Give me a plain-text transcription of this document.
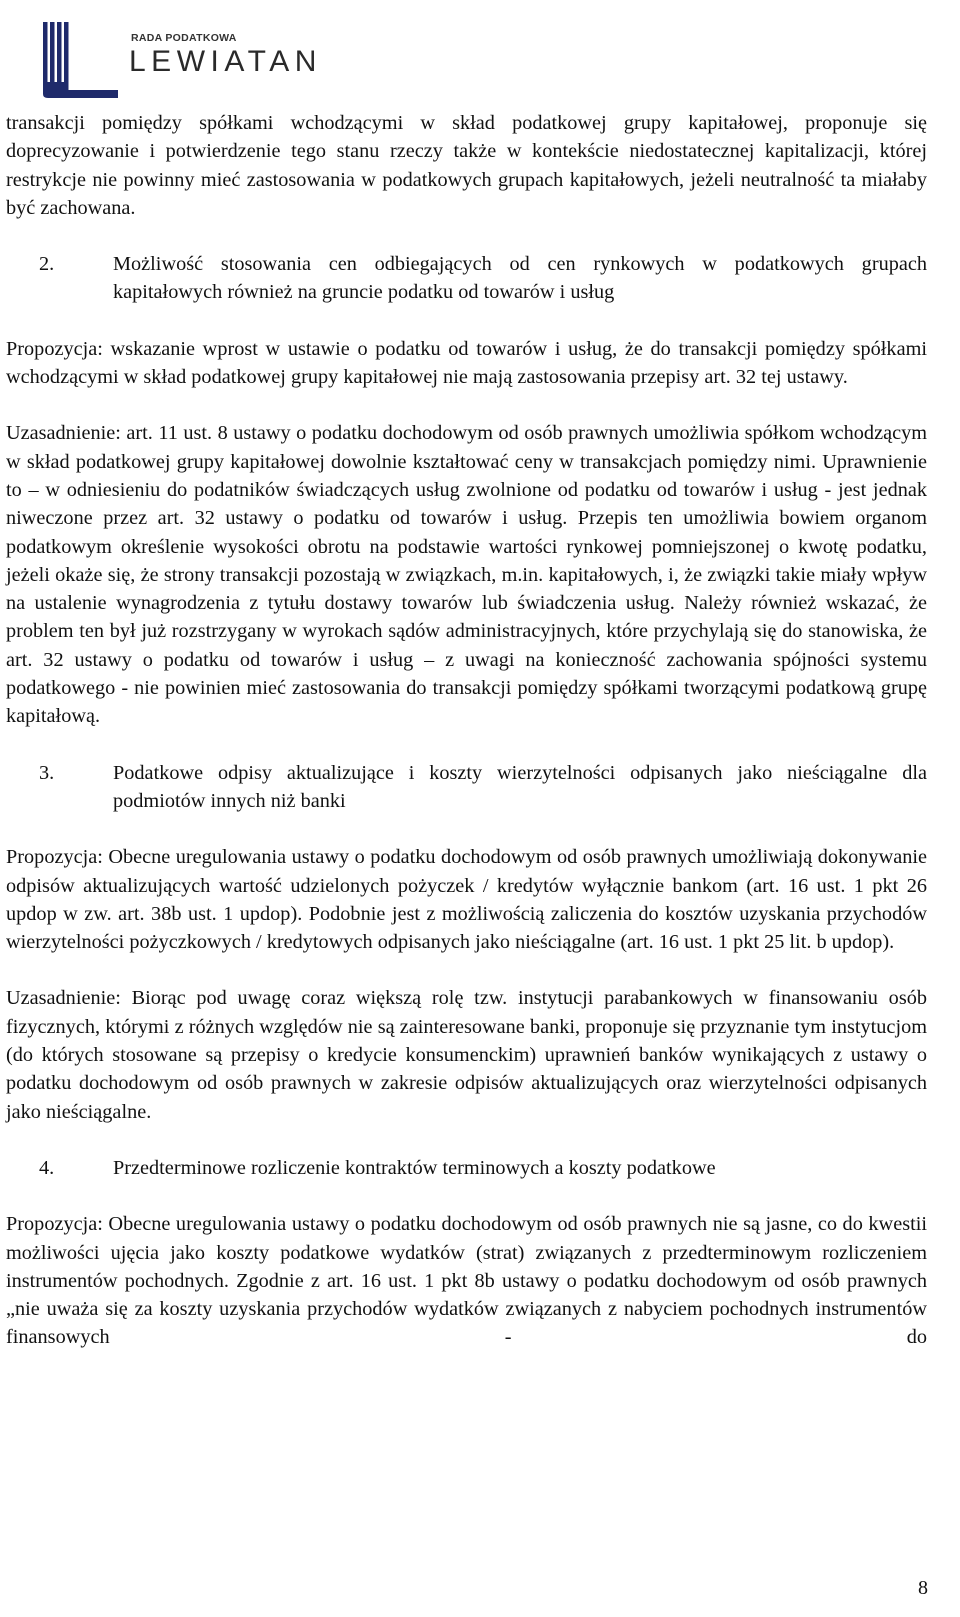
RADA PODATKOWA
LEWIATAN

transakcji pomiędzy spółkami wchodzącymi w skład podatkowej grupy kapitałowej, proponuje się doprecyzowanie i potwierdzenie tego stanu rzeczy także w kontekście niedostatecznej kapitalizacji, której restrykcje nie powinny mieć zastosowania w podatkowych grupach kapitałowych, jeżeli neutralność ta miałaby być zachowana.

2.	Możliwość stosowania cen odbiegających od cen rynkowych w podatkowych grupach kapitałowych również na gruncie podatku od towarów i usług

Propozycja: wskazanie wprost w ustawie o podatku od towarów i usług, że do transakcji pomiędzy spółkami wchodzącymi w skład podatkowej grupy kapitałowej nie mają zastosowania przepisy art. 32 tej ustawy.

Uzasadnienie: art. 11 ust. 8 ustawy o podatku dochodowym od osób prawnych umożliwia spółkom wchodzącym w skład podatkowej grupy kapitałowej dowolnie kształtować ceny w transakcjach pomiędzy nimi. Uprawnienie to – w odniesieniu do podatników świadczących usług zwolnione od podatku od towarów i usług - jest jednak niweczone przez art. 32 ustawy o podatku od towarów i usług. Przepis ten umożliwia bowiem organom podatkowym określenie wysokości obrotu na podstawie wartości rynkowej pomniejszonej o kwotę podatku, jeżeli okaże się, że strony transakcji pozostają w związkach, m.in. kapitałowych, i, że związki takie miały wpływ na ustalenie wynagrodzenia z tytułu dostawy towarów lub świadczenia usług. Należy również wskazać, że problem ten był już rozstrzygany w wyrokach sądów administracyjnych, które przychylają się do stanowiska, że art. 32 ustawy o podatku od towarów i usług – z uwagi na konieczność zachowania spójności systemu podatkowego - nie powinien mieć zastosowania do transakcji pomiędzy spółkami tworzącymi podatkową grupę kapitałową.

3.	Podatkowe odpisy aktualizujące i koszty wierzytelności odpisanych jako nieściągalne dla podmiotów innych niż banki

Propozycja: Obecne uregulowania ustawy o podatku dochodowym od osób prawnych umożliwiają dokonywanie odpisów aktualizujących wartość udzielonych pożyczek / kredytów wyłącznie bankom (art. 16 ust. 1 pkt 26 updop w zw. art. 38b ust. 1 updop). Podobnie jest z możliwością zaliczenia do kosztów uzyskania przychodów wierzytelności pożyczkowych / kredytowych odpisanych jako nieściągalne (art. 16 ust. 1 pkt 25 lit. b updop).

Uzasadnienie: Biorąc pod uwagę coraz większą rolę tzw. instytucji parabankowych w finansowaniu osób fizycznych, którymi z różnych względów nie są zainteresowane banki, proponuje się przyznanie tym instytucjom (do których stosowane są przepisy o kredycie konsumenckim) uprawnień banków wynikających z ustawy o podatku dochodowym od osób prawnych w zakresie odpisów aktualizujących oraz wierzytelności odpisanych jako nieściągalne.

4.	Przedterminowe rozliczenie kontraktów terminowych a koszty podatkowe

Propozycja: Obecne uregulowania ustawy o podatku dochodowym od osób prawnych nie są jasne, co do kwestii możliwości ujęcia jako koszty podatkowe wydatków (strat) związanych z przedterminowym rozliczeniem instrumentów pochodnych. Zgodnie z art. 16 ust. 1 pkt 8b ustawy o podatku dochodowym od osób prawnych „nie uważa się za koszty uzyskania przychodów wydatków związanych z nabyciem pochodnych instrumentów finansowych - do

8
